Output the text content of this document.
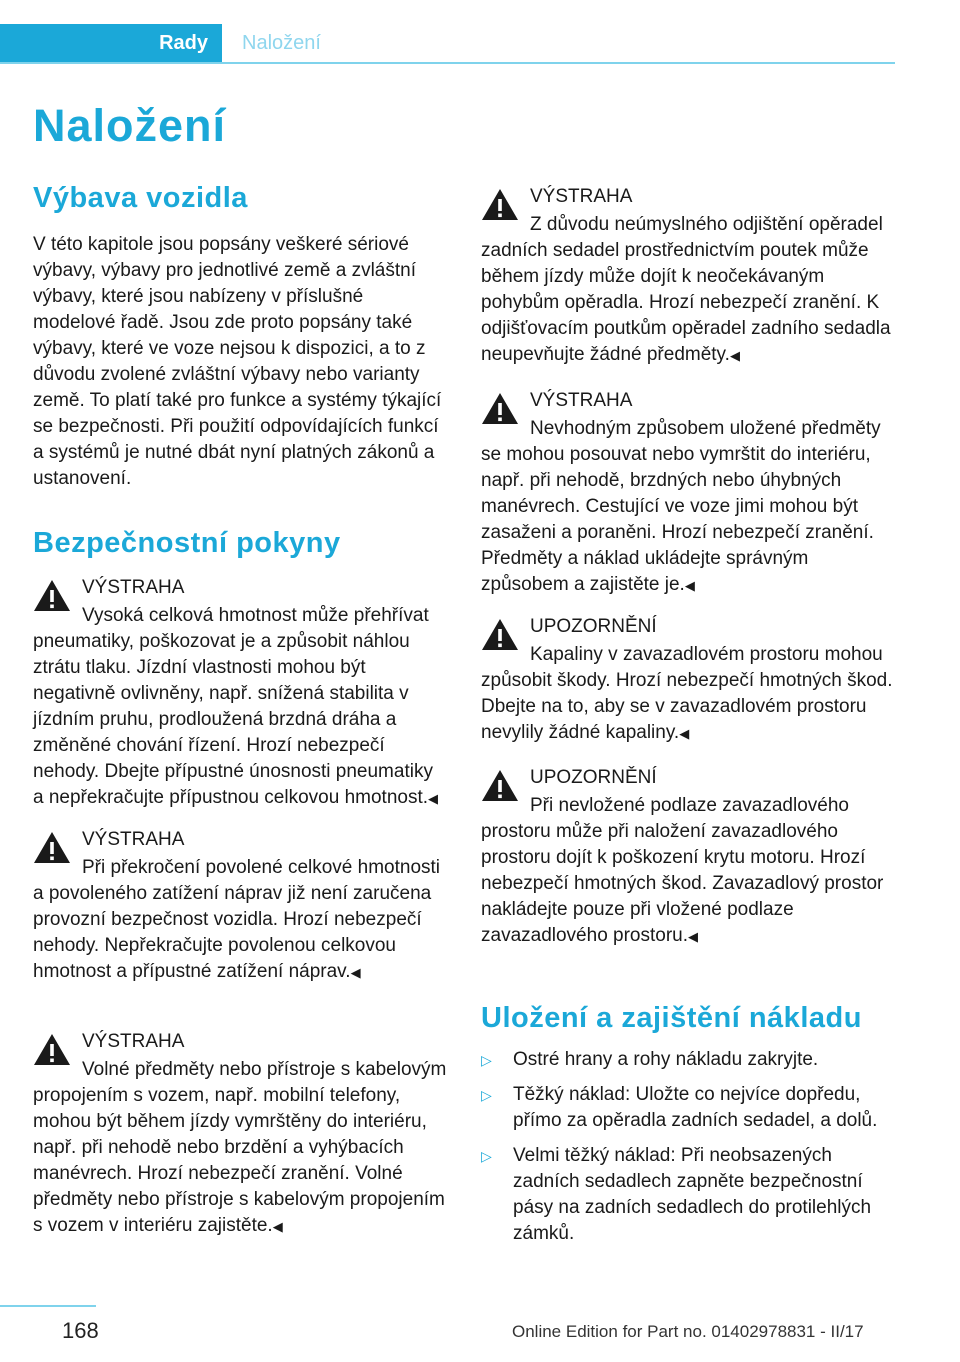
Rady	Naložení
Naložení
Výbava vozidla

V této kapitole jsou popsány veškeré sériové výbavy, výbavy pro jednotlivé země a zvláštní výbavy, které jsou nabízeny v příslušné modelové řadě. Jsou zde proto popsány také výbavy, které ve voze nejsou k dispozici, a to z důvodu zvolené zvláštní výbavy nebo varianty země. To platí také pro funkce a systémy týkající se bezpečnosti. Při použití odpovídajících funkcí a systémů je nutné dbát nyní platných zákonů a ustanovení.

Bezpečnostní pokyny
VÝSTRAHA

Vysoká celková hmotnost může přehřívat pneumatiky, poškozovat je a způsobit náhlou ztrátu tlaku. Jízdní vlastnosti mohou být negativně ovlivněny, např. snížená stabilita v jízdním pruhu, prodloužená brzdná dráha a změněné chování řízení. Hrozí nebezpečí nehody. Dbejte přípustné únosnosti pneumatiky a nepřekračujte přípustnou celkovou hmotnost.◀

VÝSTRAHA

Při překročení povolené celkové hmotnosti a povoleného zatížení náprav již není zaručena provozní bezpečnost vozidla. Hrozí nebezpečí nehody. Nepřekračujte povolenou celkovou hmotnost a přípustné zatížení náprav.◀

VÝSTRAHA

Volné předměty nebo přístroje s kabelovým propojením s vozem, např. mobilní telefony, mohou být během jízdy vymrštěny do interiéru, např. při nehodě nebo brzdění a vyhýbacích manévrech. Hrozí nebezpečí zranění. Volné předměty nebo přístroje s kabelovým propojením s vozem v interiéru zajistěte.◀

VÝSTRAHA

Z důvodu neúmyslného odjištění opěradel zadních sedadel prostřednictvím poutek může během jízdy může dojít k neočekávaným pohybům opěradla. Hrozí nebezpečí zranění. K odjišťovacím poutkům opěradel zadního sedadla neupevňujte žádné předměty.◀

VÝSTRAHA

Nevhodným způsobem uložené předměty se mohou posouvat nebo vymrštit do interiéru, např. při nehodě, brzdných nebo úhybných manévrech. Cestující ve voze jimi mohou být zasaženi a poraněni. Hrozí nebezpečí zranění. Předměty a náklad ukládejte správným způsobem a zajistěte je.◀

UPOZORNĚNÍ

Kapaliny v zavazadlovém prostoru mohou způsobit škody. Hrozí nebezpečí hmotných škod. Dbejte na to, aby se v zavazadlovém prostoru nevylily žádné kapaliny.◀

UPOZORNĚNÍ

Při nevložené podlaze zavazadlového prostoru může při naložení zavazadlového prostoru dojít k poškození krytu motoru. Hrozí nebezpečí hmotných škod. Zavazadlový prostor nakládejte pouze při vložené podlaze zavazadlového prostoru.◀

Uložení a zajištění nákladu
▷ Ostré hrany a rohy nákladu zakryjte.
▷ Těžký náklad: Uložte co nejvíce dopředu, přímo za opěradla zadních sedadel, a dolů.
▷ Velmi těžký náklad: Při neobsazených zadních sedadlech zapněte bezpečnostní pásy na zadních sedadlech do protilehlých zámků.
168	Online Edition for Part no. 01402978831 - II/17
